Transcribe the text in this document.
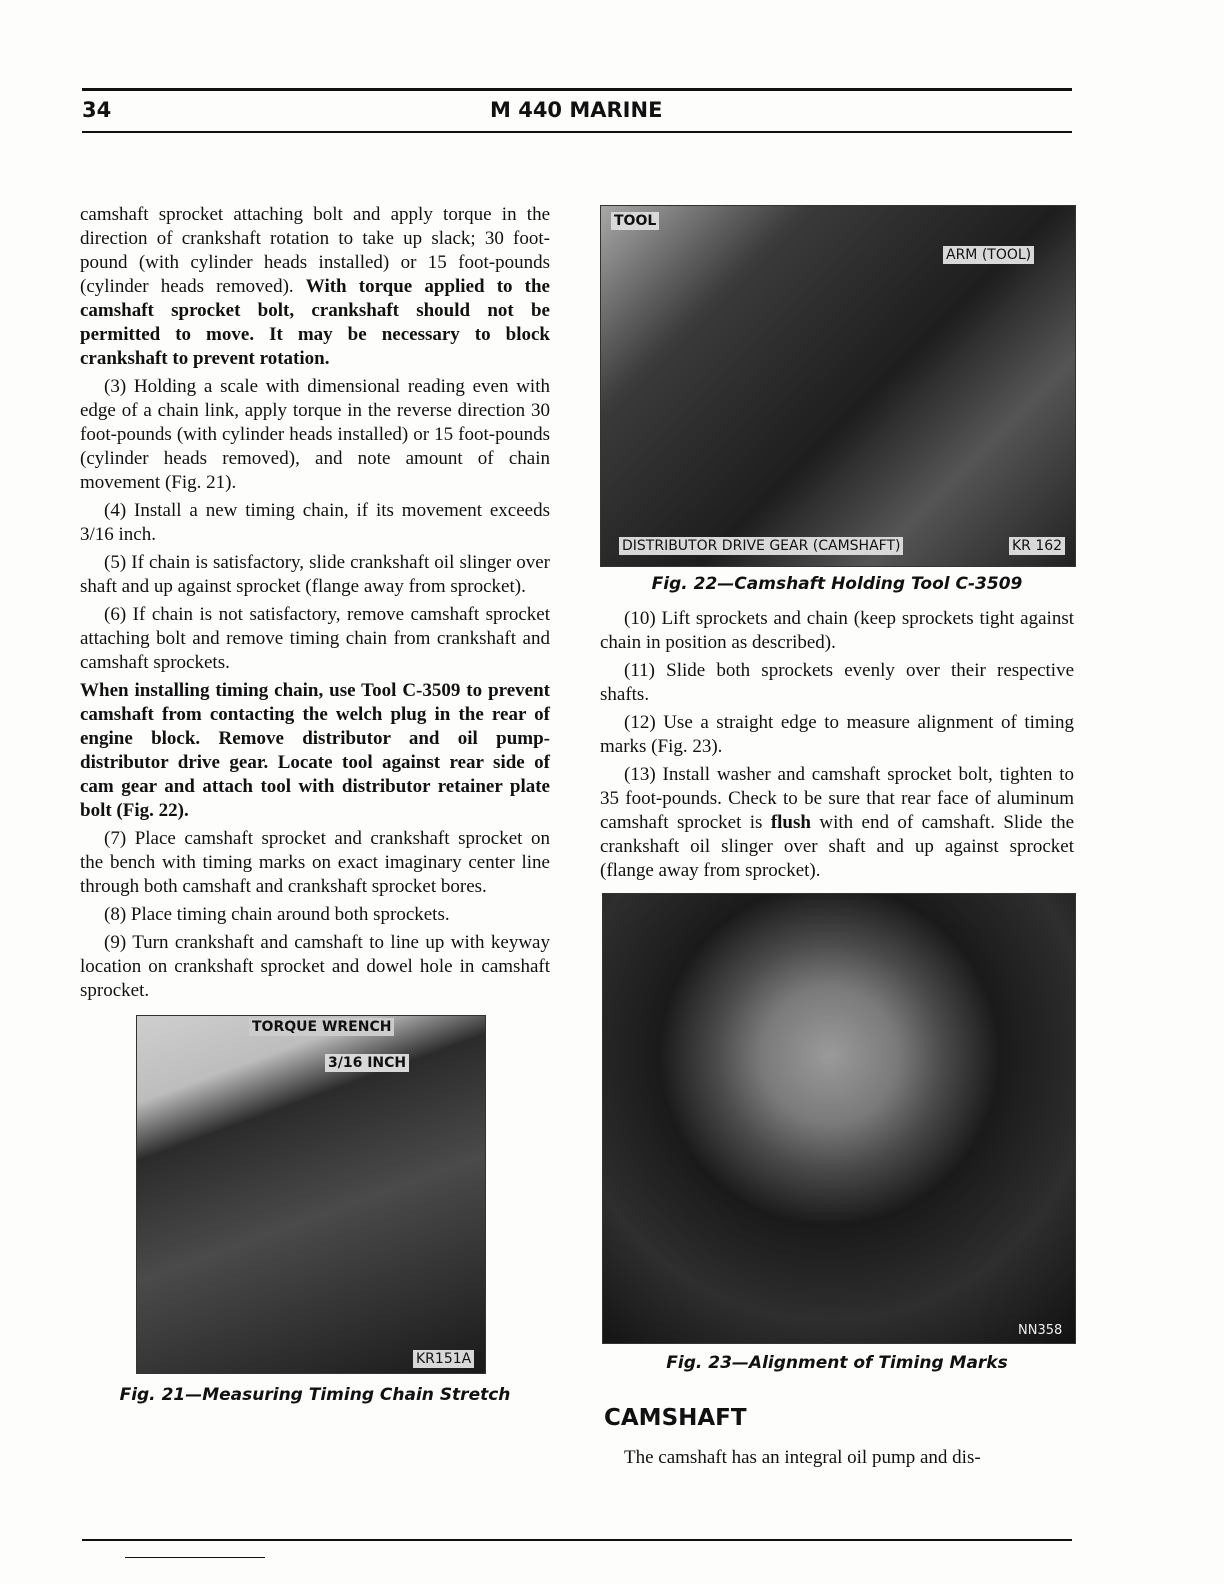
34	M 440 MARINE
camshaft sprocket attaching bolt and apply torque in the direction of crankshaft rotation to take up slack; 30 foot-pound (with cylinder heads installed) or 15 foot-pounds (cylinder heads removed). With torque applied to the camshaft sprocket bolt, crankshaft should not be permitted to move. It may be necessary to block crankshaft to prevent rotation.
(3) Holding a scale with dimensional reading even with edge of a chain link, apply torque in the reverse direction 30 foot-pounds (with cylinder heads installed) or 15 foot-pounds (cylinder heads removed), and note amount of chain movement (Fig. 21).
(4) Install a new timing chain, if its movement exceeds 3/16 inch.
(5) If chain is satisfactory, slide crankshaft oil slinger over shaft and up against sprocket (flange away from sprocket).
(6) If chain is not satisfactory, remove camshaft sprocket attaching bolt and remove timing chain from crankshaft and camshaft sprockets.
When installing timing chain, use Tool C-3509 to prevent camshaft from contacting the welch plug in the rear of engine block. Remove distributor and oil pump-distributor drive gear. Locate tool against rear side of cam gear and attach tool with distributor retainer plate bolt (Fig. 22).
(7) Place camshaft sprocket and crankshaft sprocket on the bench with timing marks on exact imaginary center line through both camshaft and crankshaft sprocket bores.
(8) Place timing chain around both sprockets.
(9) Turn crankshaft and camshaft to line up with keyway location on crankshaft sprocket and dowel hole in camshaft sprocket.
TORQUE WRENCH
3/16 INCH
KR151A
Fig. 21—Measuring Timing Chain Stretch
TOOL
ARM (TOOL)
DISTRIBUTOR DRIVE GEAR (CAMSHAFT)	KR 162
Fig. 22—Camshaft Holding Tool C-3509
(10) Lift sprockets and chain (keep sprockets tight against chain in position as described).
(11) Slide both sprockets evenly over their respective shafts.
(12) Use a straight edge to measure alignment of timing marks (Fig. 23).
(13) Install washer and camshaft sprocket bolt, tighten to 35 foot-pounds. Check to be sure that rear face of aluminum camshaft sprocket is flush with end of camshaft. Slide the crankshaft oil slinger over shaft and up against sprocket (flange away from sprocket).
NN358
Fig. 23—Alignment of Timing Marks
CAMSHAFT
The camshaft has an integral oil pump and dis-
